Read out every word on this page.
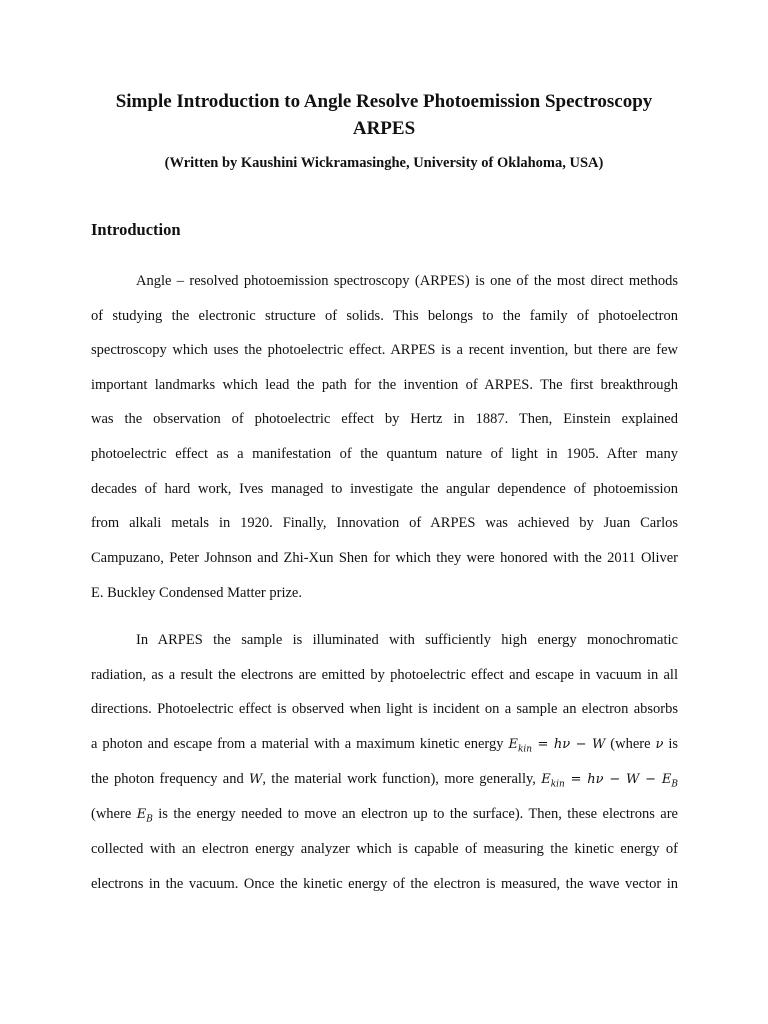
Simple Introduction to Angle Resolve Photoemission Spectroscopy

ARPES

(Written by Kaushini Wickramasinghe, University of Oklahoma, USA)

Introduction

Angle – resolved photoemission spectroscopy (ARPES) is one of the most direct methods

of studying the electronic structure of solids. This belongs to the family of photoelectron

spectroscopy which uses the photoelectric effect. ARPES is a recent invention, but there are few

important landmarks which lead the path for the invention of ARPES. The first breakthrough

was the observation of photoelectric effect by Hertz in 1887. Then, Einstein explained

photoelectric effect as a manifestation of the quantum nature of light in 1905. After many

decades of hard work, Ives managed to investigate the angular dependence of photoemission

from alkali metals in 1920. Finally, Innovation of ARPES was achieved by Juan Carlos

Campuzano, Peter Johnson and Zhi-Xun Shen for which they were honored with the 2011 Oliver

E. Buckley Condensed Matter prize.

In ARPES the sample is illuminated with sufficiently high energy monochromatic

radiation, as a result the electrons are emitted by photoelectric effect and escape in vacuum in all

directions. Photoelectric effect is observed when light is incident on a sample an electron absorbs

a photon and escape from a material with a maximum kinetic energy $E_{kin} = h\nu - W$ (where ν is

the photon frequency and W, the material work function), more generally, $E_{kin} = h\nu - W - E_B$

(where $E_B$ is the energy needed to move an electron up to the surface). Then, these electrons are

collected with an electron energy analyzer which is capable of measuring the kinetic energy of

electrons in the vacuum. Once the kinetic energy of the electron is measured, the wave vector in
